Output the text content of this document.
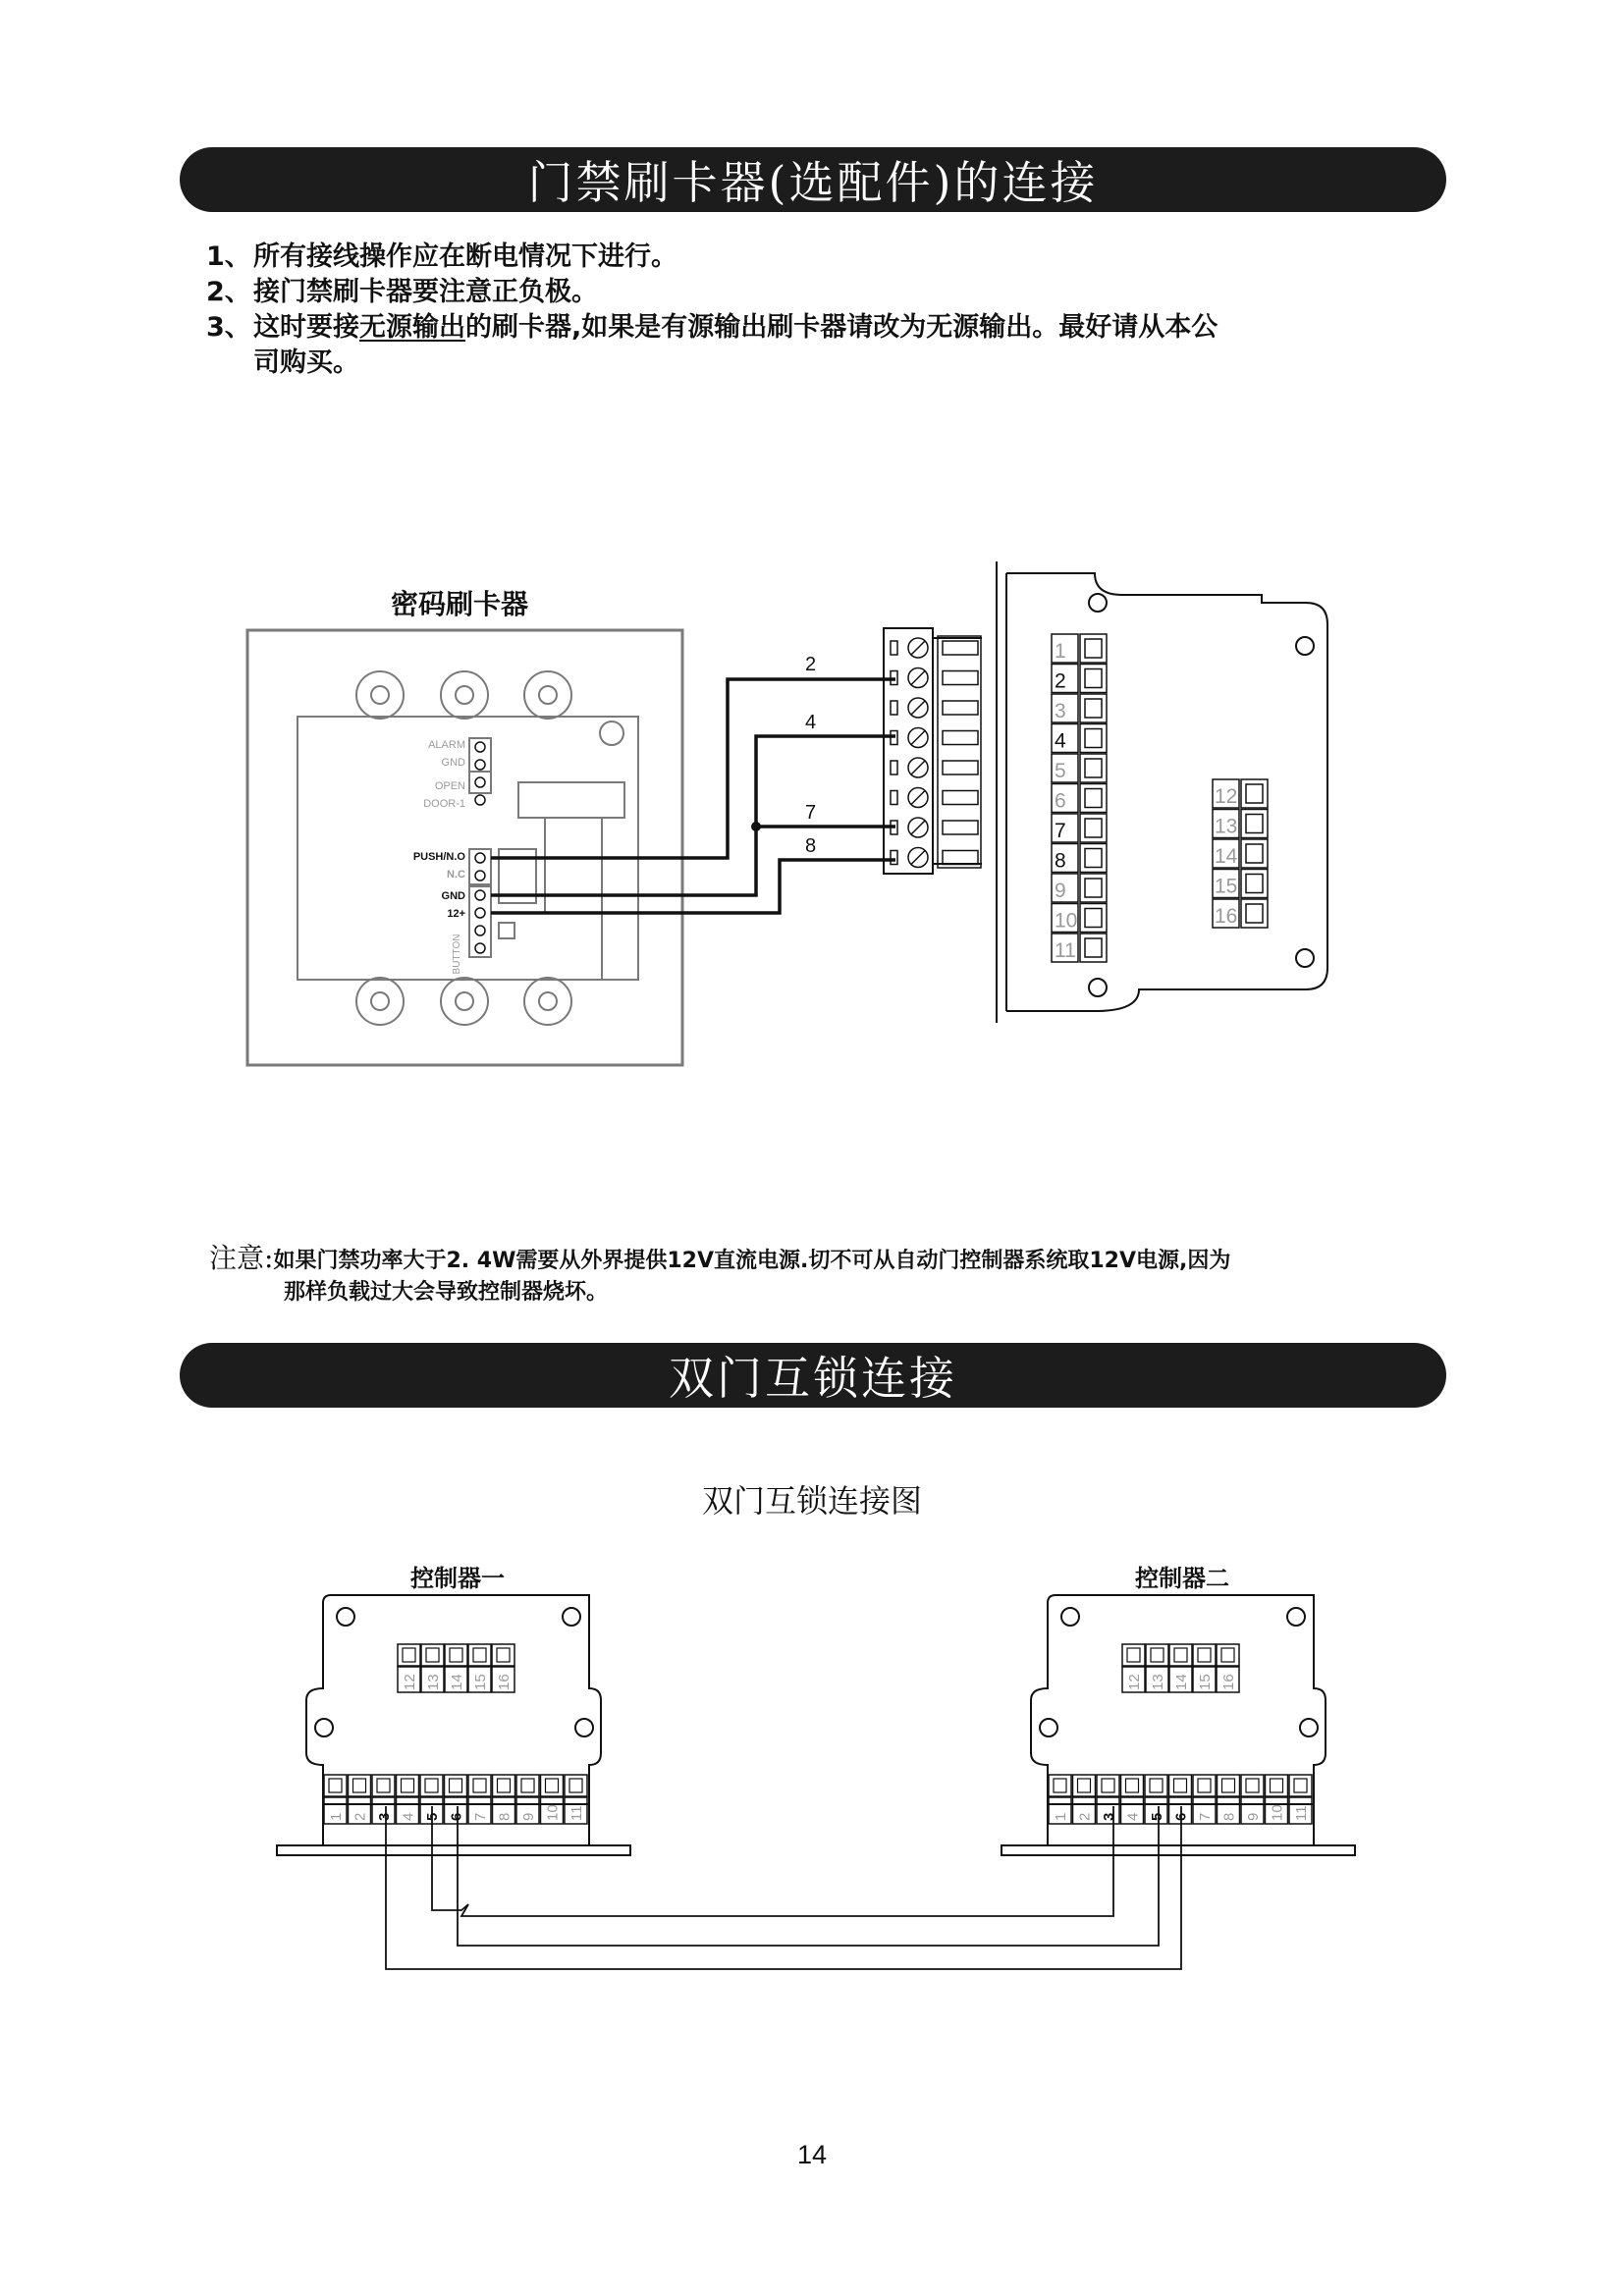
门禁刷卡器(选配件)的连接
1、 所有接线操作应在断电情况下进行。
2、 接门禁刷卡器要注意正负极。
3、 这时要接无源输出的刷卡器,如果是有源输出刷卡器请改为无源输出。最好请从本公
司购买。
密码刷卡器
ALARM
GND
OPEN
DOOR-1
PUSH/N.O
N.C
GND
12+
BUTTON
2
4
7
8
1
2
3
4
5
6
7
8
9
10
11
12
13
14
15
16
注意:如果门禁功率大于2. 4W需要从外界提供12V直流电源.切不可从自动门控制器系统取12V电源,因为
那样负载过大会导致控制器烧坏。
双门互锁连接
双门互锁连接图
控制器一	控制器二
12 13 14 15 16
1 2 3 4 5 6 7 8 9 10 11
12 13 14 15 16
1 2 3 4 5 6 7 8 9 10 11
14
